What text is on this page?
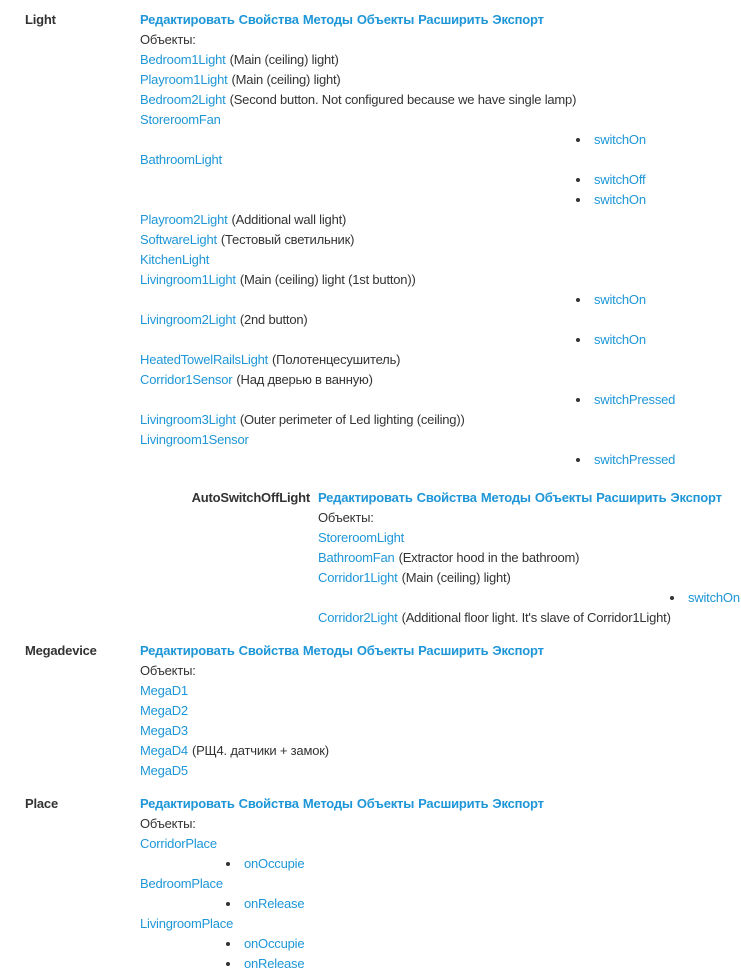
Light	Редактировать Свойства Методы Объекты Расширить Экспорт
Объекты:
Bedroom1Light (Main (ceiling) light)
Playroom1Light (Main (ceiling) light)
Bedroom2Light (Second button. Not configured because we have single lamp)
StoreroomFan
• switchOn
BathroomLight
• switchOff
• switchOn
Playroom2Light (Additional wall light)
SoftwareLight (Тестовый светильник)
KitchenLight
Livingroom1Light (Main (ceiling) light (1st button))
• switchOn
Livingroom2Light (2nd button)
• switchOn
HeatedTowelRailsLight (Полотенцесушитель)
Corridor1Sensor (Над дверью в ванную)
• switchPressed
Livingroom3Light (Outer perimeter of Led lighting (ceiling))
Livingroom1Sensor
• switchPressed
AutoSwitchOffLight Редактировать Свойства Методы Объекты Расширить Экспорт
Объекты:
StoreroomLight
BathroomFan (Extractor hood in the bathroom)
Corridor1Light (Main (ceiling) light)
• switchOn
Corridor2Light (Additional floor light. It's slave of Corridor1Light)
Megadevice	Редактировать Свойства Методы Объекты Расширить Экспорт
Объекты:
MegaD1
MegaD2
MegaD3
MegaD4 (РЩ4. датчики + замок)
MegaD5
Place	Редактировать Свойства Методы Объекты Расширить Экспорт
Объекты:
CorridorPlace
• onOccupie
BedroomPlace
• onRelease
LivingroomPlace
• onOccupie
• onRelease
